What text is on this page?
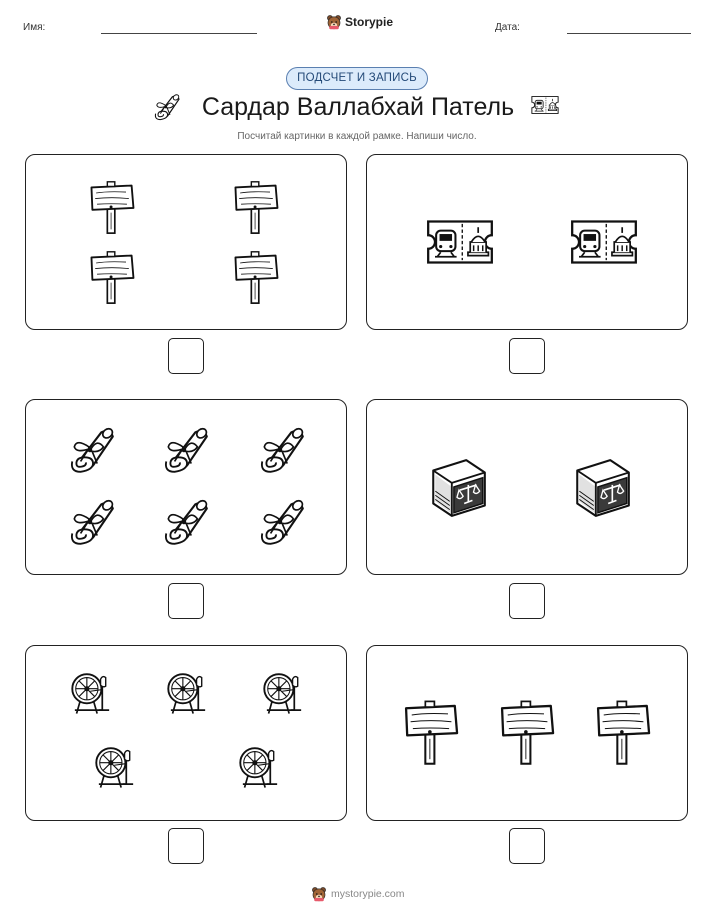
Имя:	Storypie	Дата:
ПОДСЧЕТ И ЗАПИСЬ
Сардар Валлабхай Патель
Посчитай картинки в каждой рамке. Напиши число.
mystorypie.com
